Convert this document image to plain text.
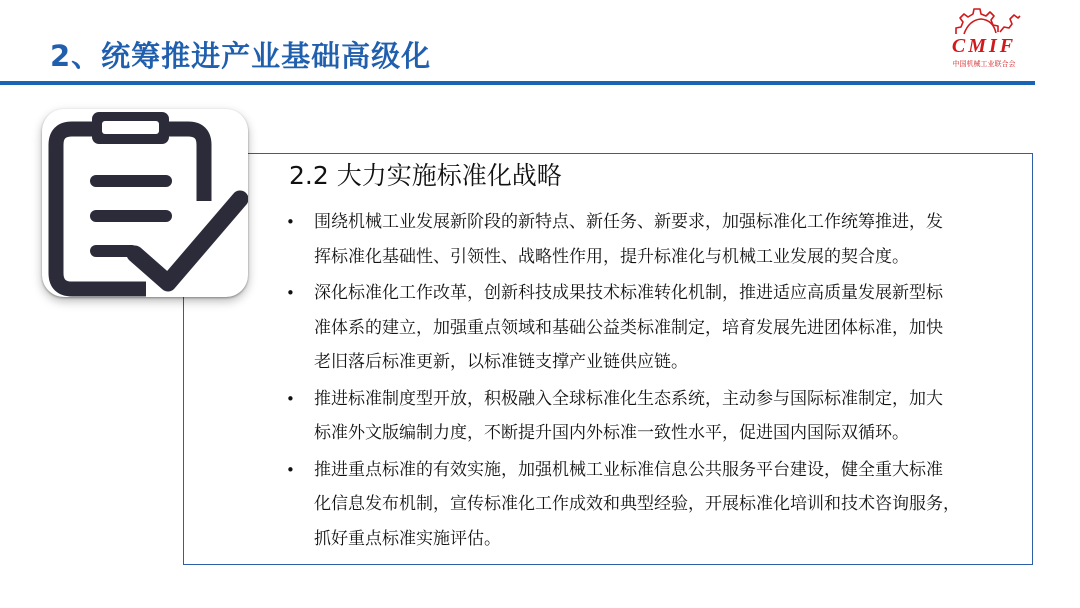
2、统筹推进产业基础高级化	CMIF
中国机械工业联合会
2.2 大力实施标准化战略
• 围绕机械工业发展新阶段的新特点、新任务、新要求，加强标准化工作统筹推进，发
挥标准化基础性、引领性、战略性作用，提升标准化与机械工业发展的契合度。
• 深化标准化工作改革，创新科技成果技术标准转化机制，推进适应高质量发展新型标
准体系的建立，加强重点领域和基础公益类标准制定，培育发展先进团体标准，加快
老旧落后标准更新，以标准链支撑产业链供应链。
• 推进标准制度型开放，积极融入全球标准化生态系统，主动参与国际标准制定，加大
标准外文版编制力度，不断提升国内外标准一致性水平，促进国内国际双循环。
• 推进重点标准的有效实施，加强机械工业标准信息公共服务平台建设，健全重大标准
化信息发布机制，宣传标准化工作成效和典型经验，开展标准化培训和技术咨询服务，
抓好重点标准实施评估。
